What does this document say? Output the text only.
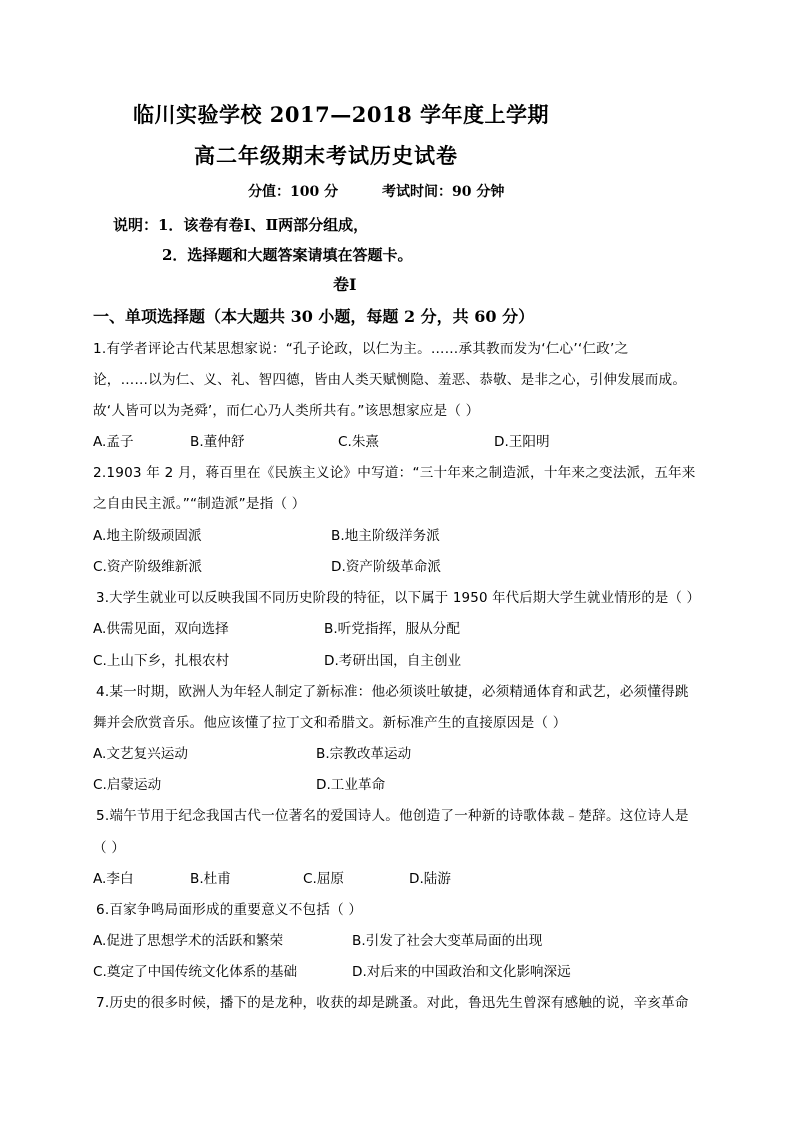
临川实验学校 2017—2018 学年度上学期
高二年级期末考试历史试卷
分值：100 分	考试时间：90 分钟
说明：1．该卷有卷Ⅰ、Ⅱ两部分组成，
2．选择题和大题答案请填在答题卡。
卷Ⅰ
一、单项选择题（本大题共 30 小题，每题 2 分，共 60 分）
1.有学者评论古代某思想家说：“孔子论政，以仁为主。……承其教而发为‘仁心’‘仁政’之
论，……以为仁、义、礼、智四德，皆由人类天赋恻隐、羞恶、恭敬、是非之心，引伸发展而成。
故‘人皆可以为尧舜’，而仁心乃人类所共有。”该思想家应是（ ）
A.孟子	B.董仲舒	C.朱熹	D.王阳明
2.1903 年 2 月，蒋百里在《民族主义论》中写道：“三十年来之制造派，十年来之变法派，五年来
之自由民主派。”“制造派”是指（ ）
A.地主阶级顽固派	B.地主阶级洋务派
C.资产阶级维新派	D.资产阶级革命派
3.大学生就业可以反映我国不同历史阶段的特征，以下属于 1950 年代后期大学生就业情形的是（ ）
A.供需见面，双向选择	B.听党指挥，服从分配
C.上山下乡，扎根农村	D.考研出国，自主创业
4.某一时期，欧洲人为年轻人制定了新标准：他必须谈吐敏捷，必须精通体育和武艺，必须懂得跳
舞并会欣赏音乐。他应该懂了拉丁文和希腊文。新标准产生的直接原因是（ ）
A.文艺复兴运动	B.宗教改革运动
C.启蒙运动	D.工业革命
5.端午节用于纪念我国古代一位著名的爱国诗人。他创造了一种新的诗歌体裁﹣楚辞。这位诗人是
（ ）
A.李白	B.杜甫	C.屈原	D.陆游
6.百家争鸣局面形成的重要意义不包括（ ）
A.促进了思想学术的活跃和繁荣	B.引发了社会大变革局面的出现
C.奠定了中国传统文化体系的基础	D.对后来的中国政治和文化影响深远
7.历史的很多时候，播下的是龙种，收获的却是跳蚤。对此，鲁迅先生曾深有感触的说，辛亥革命
